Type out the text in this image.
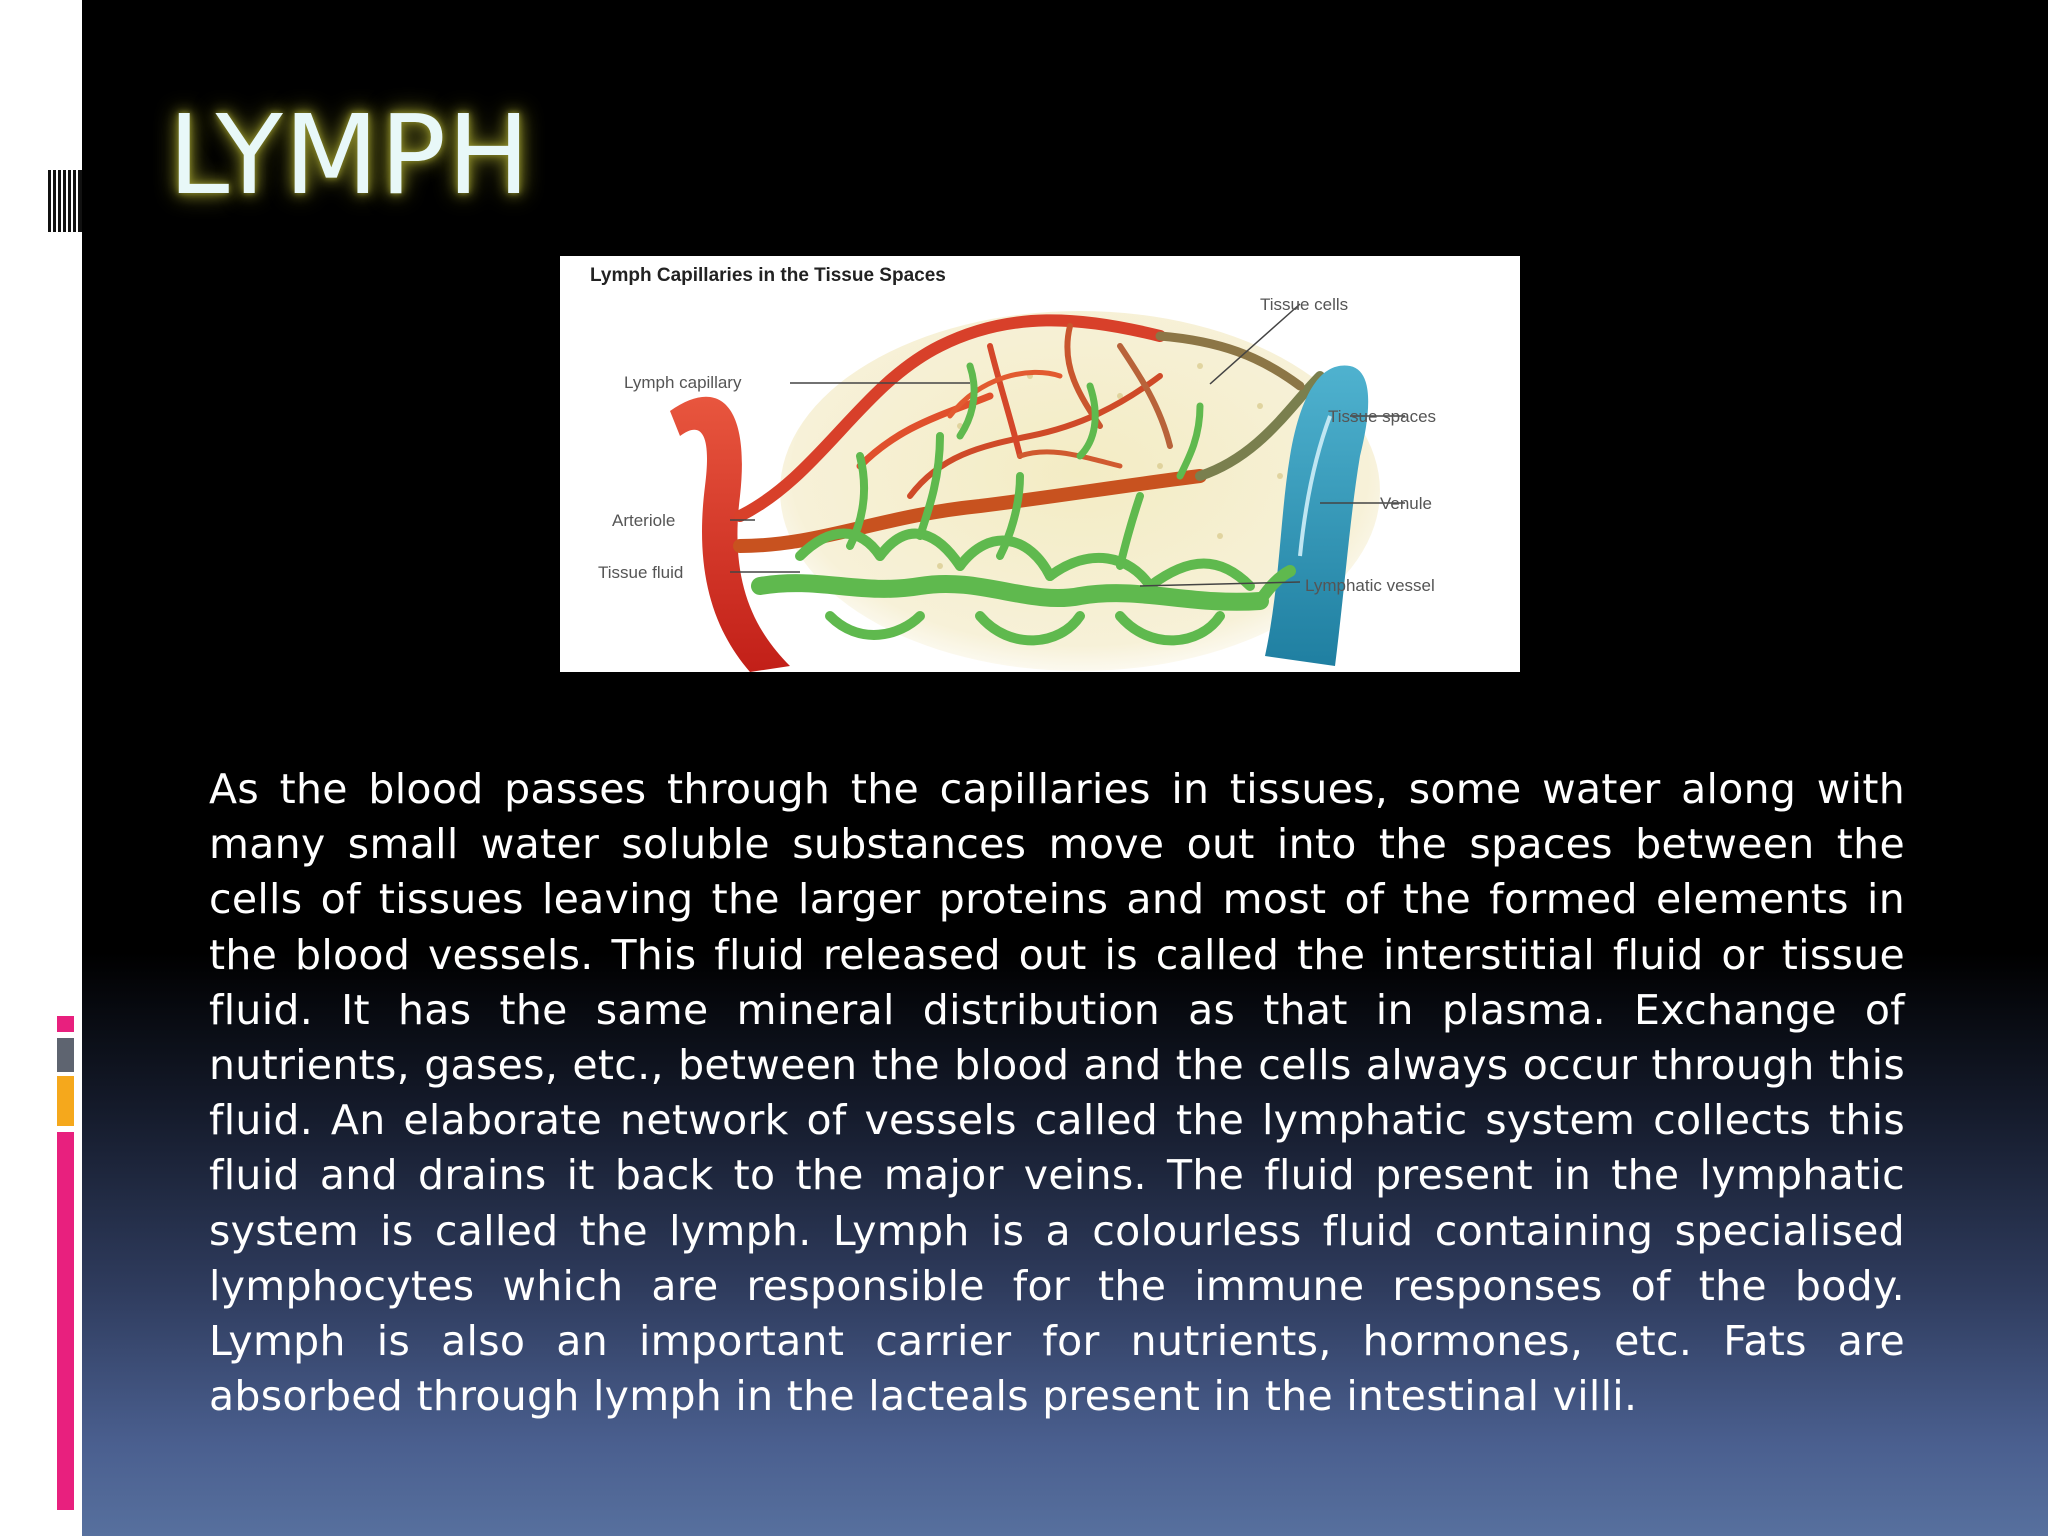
LYMPH
Lymph Capillaries in the Tissue Spaces
Tissue cells
Lymph capillary
Tissue spaces
Venule
Arteriole
Tissue fluid
Lymphatic vessel

As the blood passes through the capillaries in tissues, some water along with many small water soluble substances move out into the spaces between the cells of tissues leaving the larger proteins and most of the formed elements in the blood vessels. This fluid released out is called the interstitial fluid or tissue fluid. It has the same mineral distribution as that in plasma. Exchange of nutrients, gases, etc., between the blood and the cells always occur through this fluid. An elaborate network of vessels called the lymphatic system collects this fluid and drains it back to the major veins. The fluid present in the lymphatic system is called the lymph. Lymph is a colourless fluid containing specialised lymphocytes which are responsible for the immune responses of the body. Lymph is also an important carrier for nutrients, hormones, etc. Fats are absorbed through lymph in the lacteals present in the intestinal villi.
